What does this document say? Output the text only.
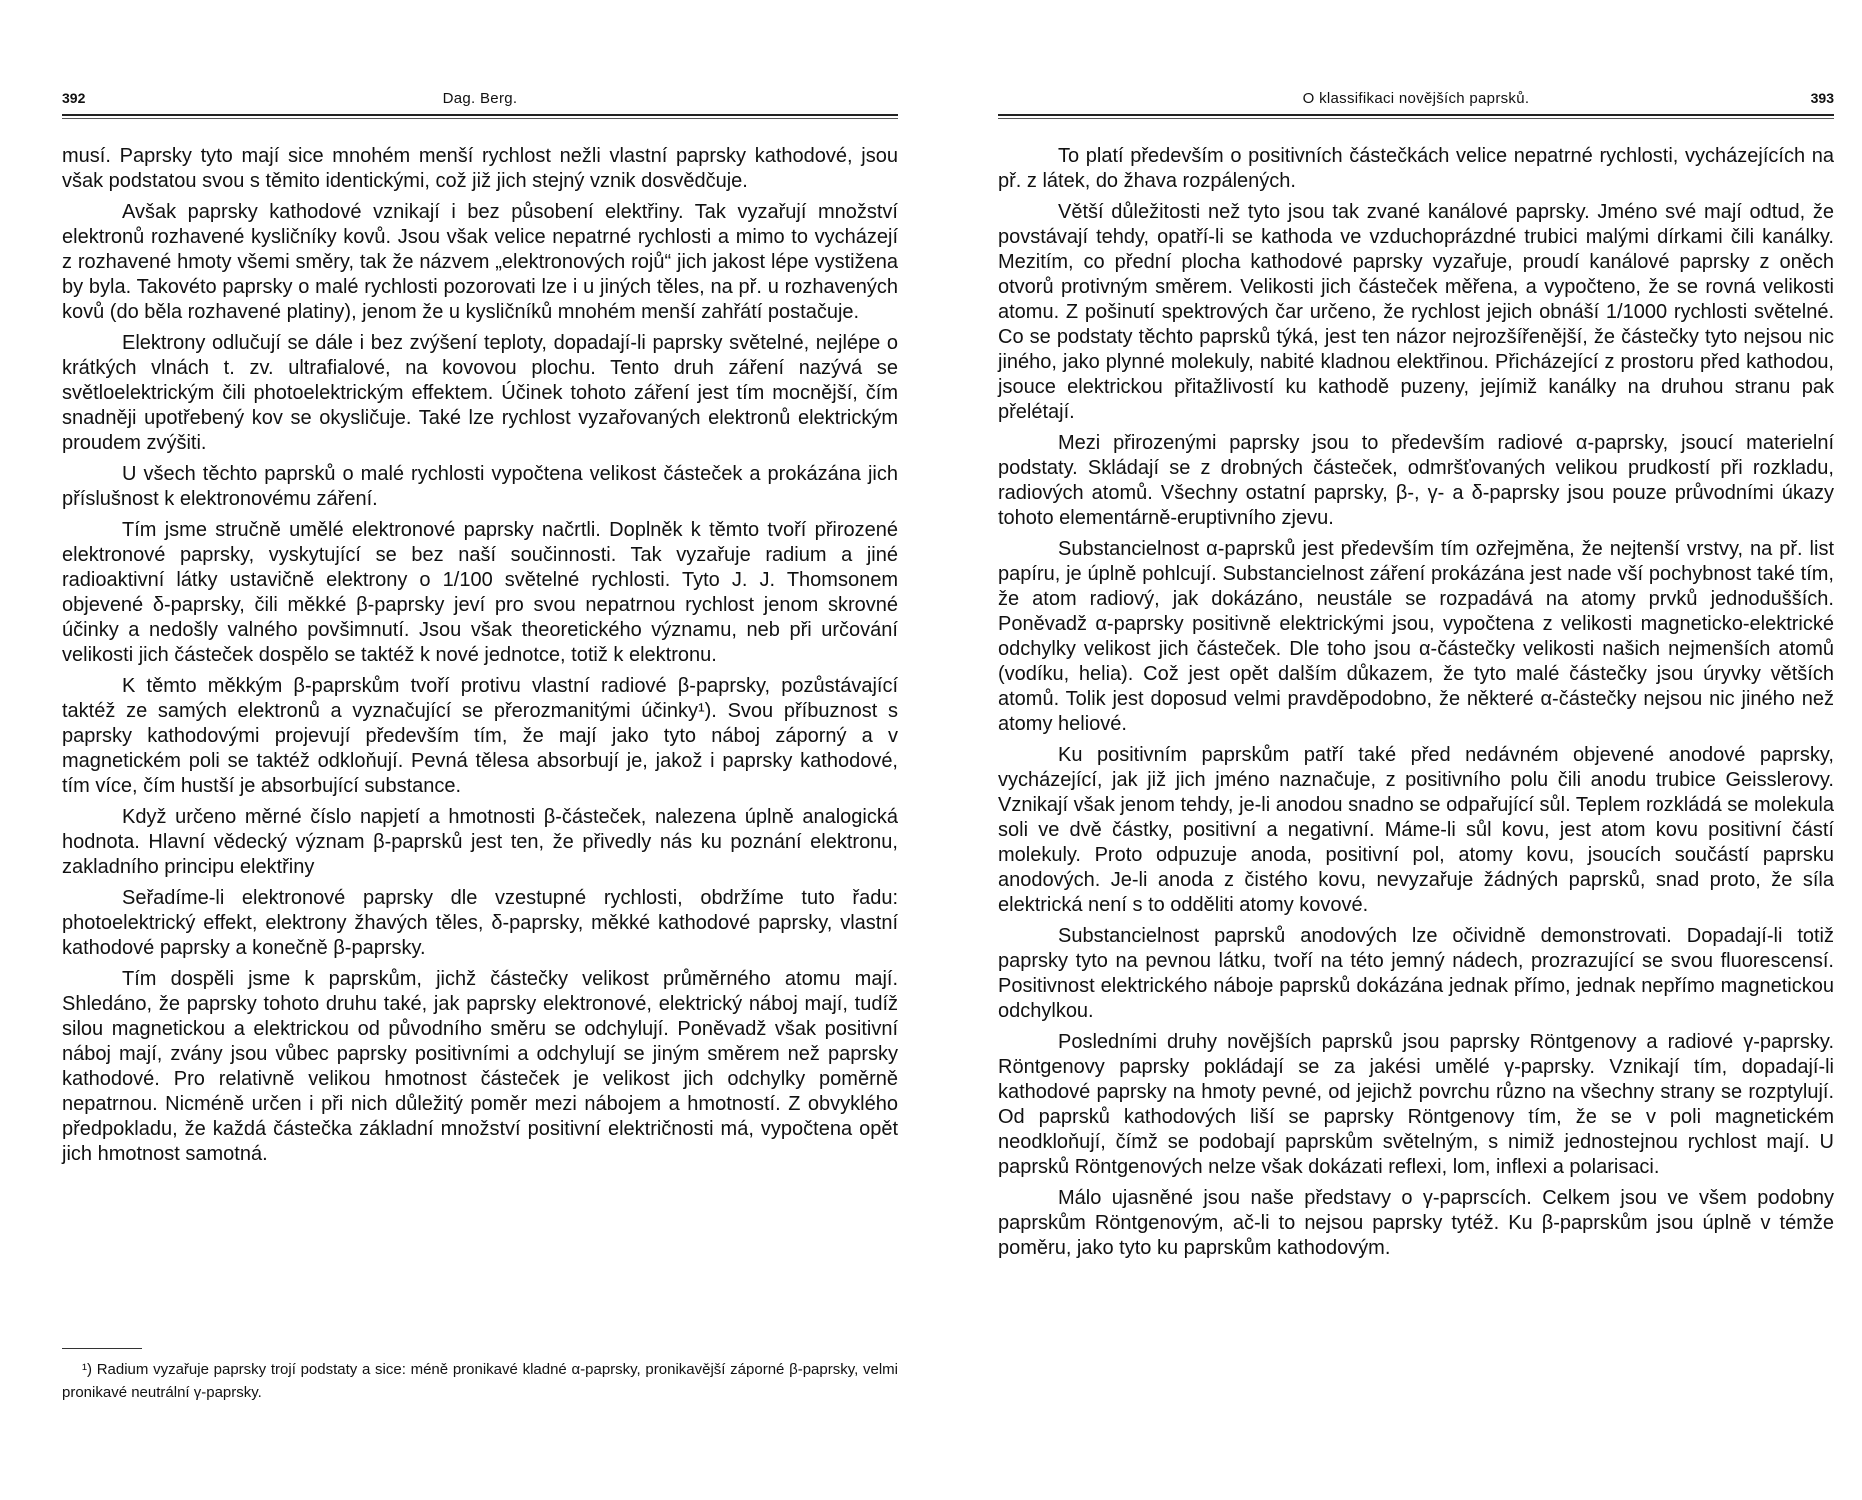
392	Dag. Berg.

musí. Paprsky tyto mají sice mnohém menší rychlost nežli vlastní paprsky kathodové, jsou však podstatou svou s těmito identickými, což již jich stejný vznik dosvědčuje.

Avšak paprsky kathodové vznikají i bez působení elektřiny. Tak vyzařují množství elektronů rozhavené kysličníky kovů. Jsou však velice nepatrné rychlosti a mimo to vycházejí z rozhavené hmoty všemi směry, tak že názvem „elektronových rojů“ jich jakost lépe vystižena by byla. Takovéto paprsky o malé rychlosti pozorovati lze i u jiných těles, na př. u rozhavených kovů (do běla rozhavené platiny), jenom že u kysličníků mnohém menší zahřátí postačuje.

Elektrony odlučují se dále i bez zvýšení teploty, dopadají-li paprsky světelné, nejlépe o krátkých vlnách t. zv. ultrafialové, na kovovou plochu. Tento druh záření nazývá se světloelektrickým čili photoelektrickým effektem. Účinek tohoto záření jest tím mocnější, čím snadněji upotřebený kov se okysličuje. Také lze rychlost vyzařovaných elektronů elektrickým proudem zvýšiti.

U všech těchto paprsků o malé rychlosti vypočtena velikost částeček a prokázána jich příslušnost k elektronovému záření.

Tím jsme stručně umělé elektronové paprsky načrtli. Doplněk k těmto tvoří přirozené elektronové paprsky, vyskytující se bez naší součinnosti. Tak vyzařuje radium a jiné radioaktivní látky ustavičně elektrony o 1/100 světelné rychlosti. Tyto J. J. Thomsonem objevené δ-paprsky, čili měkké β-paprsky jeví pro svou nepatrnou rychlost jenom skrovné účinky a nedošly valného povšimnutí. Jsou však theoretického významu, neb při určování velikosti jich částeček dospělo se taktéž k nové jednotce, totiž k elektronu.

K těmto měkkým β-paprskům tvoří protivu vlastní radiové β-paprsky, pozůstávající taktéž ze samých elektronů a vyznačující se přerozmanitými účinky¹). Svou příbuznost s paprsky kathodovými projevují především tím, že mají jako tyto náboj záporný a v magnetickém poli se taktéž odkloňují. Pevná tělesa absorbují je, jakož i paprsky kathodové, tím více, čím hustší je absorbující substance.

Když určeno měrné číslo napjetí a hmotnosti β-částeček, nalezena úplně analogická hodnota. Hlavní vědecký význam β-paprsků jest ten, že přivedly nás ku poznání elektronu, zakladního principu elektřiny

Seřadíme-li elektronové paprsky dle vzestupné rychlosti, obdržíme tuto řadu: photoelektrický effekt, elektrony žhavých těles, δ-paprsky, měkké kathodové paprsky, vlastní kathodové paprsky a konečně β-paprsky.

Tím dospěli jsme k paprskům, jichž částečky velikost průměrného atomu mají. Shledáno, že paprsky tohoto druhu také, jak paprsky elektronové, elektrický náboj mají, tudíž silou magnetickou a elektrickou od původního směru se odchylují. Poněvadž však positivní náboj mají, zvány jsou vůbec paprsky positivními a odchylují se jiným směrem než paprsky kathodové. Pro relativně velikou hmotnost částeček je velikost jich odchylky poměrně nepatrnou. Nicméně určen i při nich důležitý poměr mezi nábojem a hmotností. Z obvyklého předpokladu, že každá částečka základní množství positivní električnosti má, vypočtena opět jich hmotnost samotná.

¹) Radium vyzařuje paprsky trojí podstaty a sice: méně pronikavé kladné α-paprsky, pronikavější záporné β-paprsky, velmi pronikavé neutrální γ-paprsky.

O klassifikaci novějších paprsků.	393

To platí především o positivních částečkách velice nepatrné rychlosti, vycházejících na př. z látek, do žhava rozpálených.

Větší důležitosti než tyto jsou tak zvané kanálové paprsky. Jméno své mají odtud, že povstávají tehdy, opatří-li se kathoda ve vzduchoprázdné trubici malými dírkami čili kanálky. Mezitím, co přední plocha kathodové paprsky vyzařuje, proudí kanálové paprsky z oněch otvorů protivným směrem. Velikosti jich částeček měřena, a vypočteno, že se rovná velikosti atomu. Z pošinutí spektrových čar určeno, že rychlost jejich obnáší 1/1000 rychlosti světelné. Co se podstaty těchto paprsků týká, jest ten názor nejrozšířenější, že částečky tyto nejsou nic jiného, jako plynné molekuly, nabité kladnou elektřinou. Přicházející z prostoru před kathodou, jsouce elektrickou přitažlivostí ku kathodě puzeny, jejímiž kanálky na druhou stranu pak přelétají.

Mezi přirozenými paprsky jsou to především radiové α-paprsky, jsoucí materielní podstaty. Skládají se z drobných částeček, odmršťovaných velikou prudkostí při rozkladu, radiových atomů. Všechny ostatní paprsky, β-, γ- a δ-paprsky jsou pouze průvodními úkazy tohoto elementárně-eruptivního zjevu.

Substancielnost α-paprsků jest především tím ozřejměna, že nejtenší vrstvy, na př. list papíru, je úplně pohlcují. Substancielnost záření prokázána jest nade vší pochybnost také tím, že atom radiový, jak dokázáno, neustále se rozpadává na atomy prvků jednodušších. Poněvadž α-paprsky positivně elektrickými jsou, vypočtena z velikosti magneticko-elektrické odchylky velikost jich částeček. Dle toho jsou α-částečky velikosti našich nejmenších atomů (vodíku, helia). Což jest opět dalším důkazem, že tyto malé částečky jsou úryvky větších atomů. Tolik jest doposud velmi pravděpodobno, že některé α-částečky nejsou nic jiného než atomy heliové.

Ku positivním paprskům patří také před nedávném objevené anodové paprsky, vycházející, jak již jich jméno naznačuje, z positivního polu čili anodu trubice Geisslerovy. Vznikají však jenom tehdy, je-li anodou snadno se odpařující sůl. Teplem rozkládá se molekula soli ve dvě částky, positivní a negativní. Máme-li sůl kovu, jest atom kovu positivní částí molekuly. Proto odpuzuje anoda, positivní pol, atomy kovu, jsoucích součástí paprsku anodových. Je-li anoda z čistého kovu, nevyzařuje žádných paprsků, snad proto, že síla elektrická není s to odděliti atomy kovové.

Substancielnost paprsků anodových lze očividně demonstrovati. Dopadají-li totiž paprsky tyto na pevnou látku, tvoří na této jemný nádech, prozrazující se svou fluorescensí. Positivnost elektrického náboje paprsků dokázána jednak přímo, jednak nepřímo magnetickou odchylkou.

Posledními druhy novějších paprsků jsou paprsky Röntgenovy a radiové γ-paprsky. Röntgenovy paprsky pokládají se za jakési umělé γ-paprsky. Vznikají tím, dopadají-li kathodové paprsky na hmoty pevné, od jejichž povrchu různo na všechny strany se rozptylují. Od paprsků kathodových liší se paprsky Röntgenovy tím, že se v poli magnetickém neodkloňují, čímž se podobají paprskům světelným, s nimiž jednostejnou rychlost mají. U paprsků Röntgenových nelze však dokázati reflexi, lom, inflexi a polarisaci.

Málo ujasněné jsou naše představy o γ-paprscích. Celkem jsou ve všem podobny paprskům Röntgenovým, ač-li to nejsou paprsky tytéž. Ku β-paprskům jsou úplně v témže poměru, jako tyto ku paprskům kathodovým.
